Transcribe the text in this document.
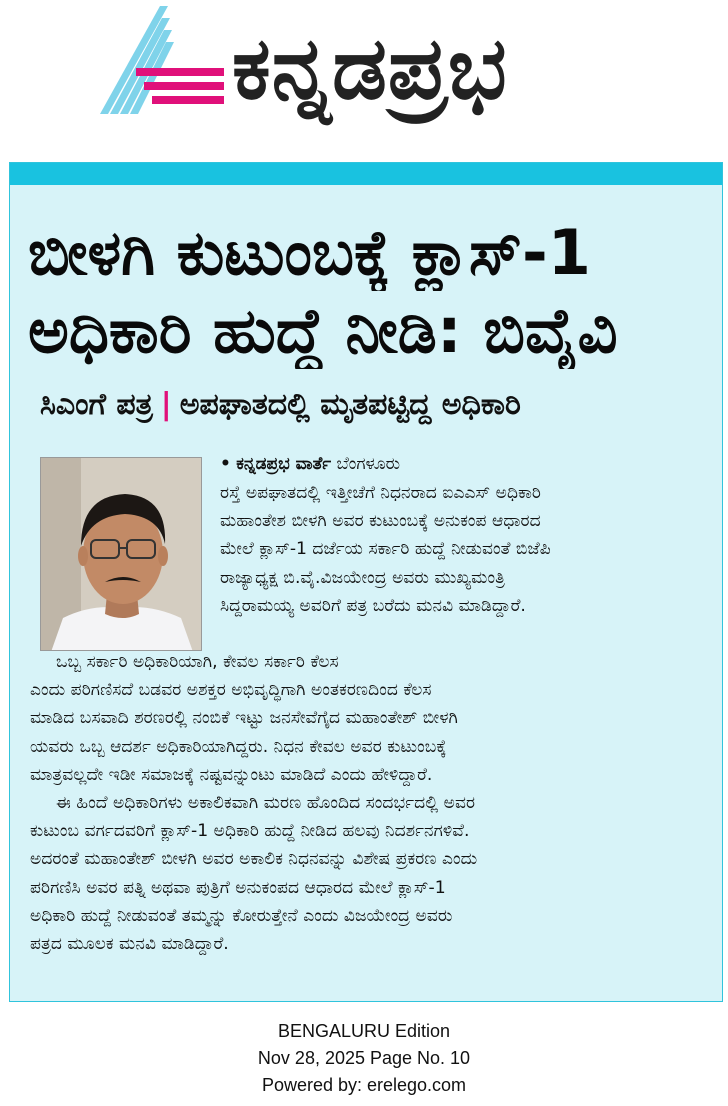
ಕನ್ನಡಪ್ರಭ
ಬೀಳಗಿ ಕುಟುಂಬಕ್ಕೆ ಕ್ಲಾಸ್-1
ಅಧಿಕಾರಿ ಹುದ್ದೆ ನೀಡಿ: ಬಿವೈವಿ
ಸಿಎಂಗೆ ಪತ್ರ | ಅಪಘಾತದಲ್ಲಿ ಮೃತಪಟ್ಟಿದ್ದ ಅಧಿಕಾರಿ
• ಕನ್ನಡಪ್ರಭ ವಾರ್ತೆ ಬೆಂಗಳೂರು
ರಸ್ತೆ ಅಪಘಾತದಲ್ಲಿ ಇತ್ತೀಚೆಗೆ ನಿಧನರಾದ ಐಎಎಸ್ ಅಧಿಕಾರಿ
ಮಹಾಂತೇಶ ಬೀಳಗಿ ಅವರ ಕುಟುಂಬಕ್ಕೆ ಅನುಕಂಪ ಆಧಾರದ
ಮೇಲೆ ಕ್ಲಾಸ್-1 ದರ್ಜೆಯ ಸರ್ಕಾರಿ ಹುದ್ದೆ ನೀಡುವಂತೆ ಬಿಜೆಪಿ
ರಾಜ್ಯಾಧ್ಯಕ್ಷ ಬಿ.ವೈ.ವಿಜಯೇಂದ್ರ ಅವರು ಮುಖ್ಯಮಂತ್ರಿ
ಸಿದ್ದರಾಮಯ್ಯ ಅವರಿಗೆ ಪತ್ರ ಬರೆದು ಮನವಿ ಮಾಡಿದ್ದಾರೆ.
ಒಬ್ಬ ಸರ್ಕಾರಿ ಅಧಿಕಾರಿಯಾಗಿ, ಕೇವಲ ಸರ್ಕಾರಿ ಕೆಲಸ
ಎಂದು ಪರಿಗಣಿಸದೆ ಬಡವರ ಅಶಕ್ತರ ಅಭಿವೃದ್ಧಿಗಾಗಿ ಅಂತಕರಣದಿಂದ ಕೆಲಸ
ಮಾಡಿದ ಬಸವಾದಿ ಶರಣರಲ್ಲಿ ನಂಬಿಕೆ ಇಟ್ಟು ಜನಸೇವೆಗೈದ ಮಹಾಂತೇಶ್ ಬೀಳಗಿ
ಯವರು ಒಬ್ಬ ಆದರ್ಶ ಅಧಿಕಾರಿಯಾಗಿದ್ದರು. ನಿಧನ ಕೇವಲ ಅವರ ಕುಟುಂಬಕ್ಕೆ
ಮಾತ್ರವಲ್ಲದೇ ಇಡೀ ಸಮಾಜಕ್ಕೆ ನಷ್ಟವನ್ನುಂಟು ಮಾಡಿದೆ ಎಂದು ಹೇಳಿದ್ದಾರೆ.
ಈ ಹಿಂದೆ ಅಧಿಕಾರಿಗಳು ಅಕಾಲಿಕವಾಗಿ ಮರಣ ಹೊಂದಿದ ಸಂದರ್ಭದಲ್ಲಿ ಅವರ
ಕುಟುಂಬ ವರ್ಗದವರಿಗೆ ಕ್ಲಾಸ್-1 ಅಧಿಕಾರಿ ಹುದ್ದೆ ನೀಡಿದ ಹಲವು ನಿದರ್ಶನಗಳಿವೆ.
ಅದರಂತೆ ಮಹಾಂತೇಶ್ ಬೀಳಗಿ ಅವರ ಅಕಾಲಿಕ ನಿಧನವನ್ನು ವಿಶೇಷ ಪ್ರಕರಣ ಎಂದು
ಪರಿಗಣಿಸಿ ಅವರ ಪತ್ನಿ ಅಥವಾ ಪುತ್ರಿಗೆ ಅನುಕಂಪದ ಆಧಾರದ ಮೇಲೆ ಕ್ಲಾಸ್-1
ಅಧಿಕಾರಿ ಹುದ್ದೆ ನೀಡುವಂತೆ ತಮ್ಮನ್ನು ಕೋರುತ್ತೇನೆ ಎಂದು ವಿಜಯೇಂದ್ರ ಅವರು
ಪತ್ರದ ಮೂಲಕ ಮನವಿ ಮಾಡಿದ್ದಾರೆ.
BENGALURU Edition
Nov 28, 2025 Page No. 10
Powered by: erelego.com
